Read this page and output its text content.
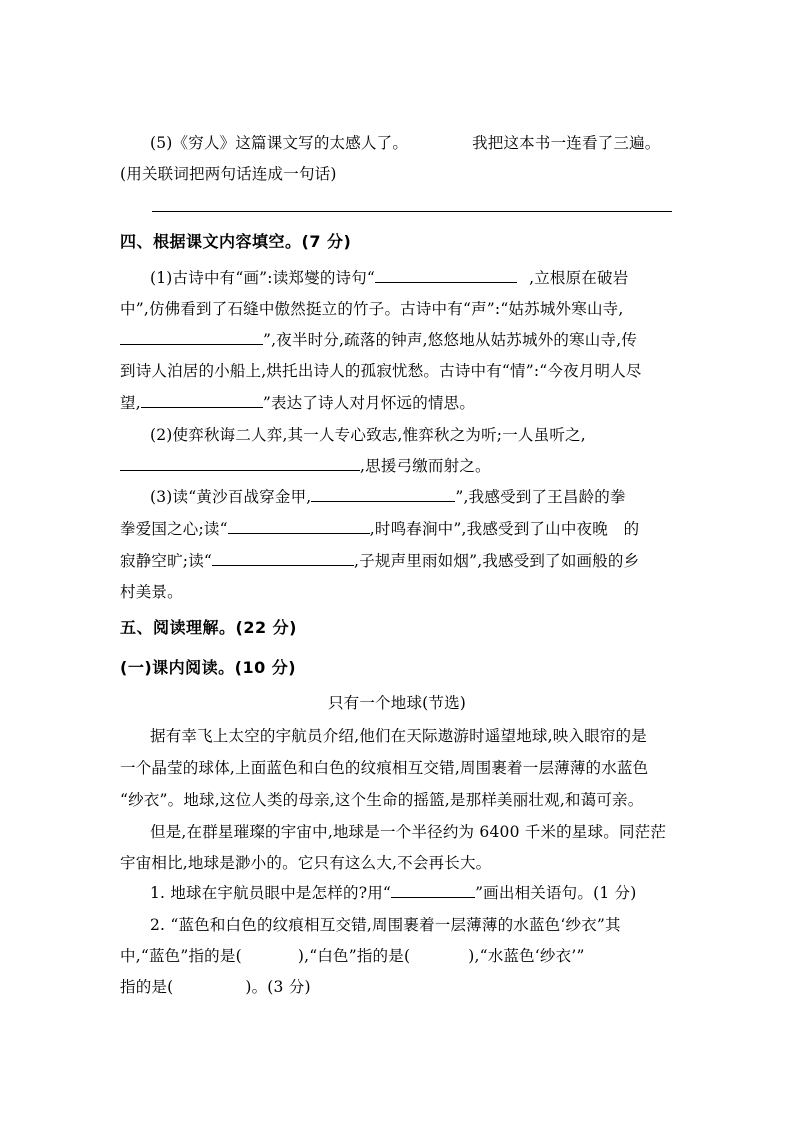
(5)《穷人》这篇课文写的太感人了。	我把这本书一连看了三遍。
(用关联词把两句话连成一句话)
四、根据课文内容填空。(7 分)
(1)古诗中有“画”:读郑燮的诗句“	,立根原在破岩
中”,仿佛看到了石缝中傲然挺立的竹子。古诗中有“声”:“姑苏城外寒山寺,
”,夜半时分,疏落的钟声,悠悠地从姑苏城外的寒山寺,传
到诗人泊居的小船上,烘托出诗人的孤寂忧愁。古诗中有“情”:“今夜月明人尽
望,	”表达了诗人对月怀远的情思。
(2)使弈秋诲二人弈,其一人专心致志,惟弈秋之为听;一人虽听之,
,思援弓缴而射之。
(3)读“黄沙百战穿金甲,	”,我感受到了王昌龄的拳
拳爱国之心;读“	,时鸣春涧中”,我感受到了山中夜晚　的
寂静空旷;读“	,子规声里雨如烟”,我感受到了如画般的乡
村美景。
五、阅读理解。(22 分)
(一)课内阅读。(10 分)
只有一个地球(节选)
据有幸飞上太空的宇航员介绍,他们在天际遨游时遥望地球,映入眼帘的是
一个晶莹的球体,上面蓝色和白色的纹痕相互交错,周围裹着一层薄薄的水蓝色
“纱衣”。地球,这位人类的母亲,这个生命的摇篮,是那样美丽壮观,和蔼可亲。
但是,在群星璀璨的宇宙中,地球是一个半径约为 6400 千米的星球。同茫茫
宇宙相比,地球是渺小的。它只有这么大,不会再长大。
1. 地球在宇航员眼中是怎样的?用“	”画出相关语句。(1 分)
2. “蓝色和白色的纹痕相互交错,周围裹着一层薄薄的水蓝色‘纱衣”其
中,“蓝色”指的是(	),“白色”指的是(	),“水蓝色‘纱衣’”
指的是(	)。(3 分)
